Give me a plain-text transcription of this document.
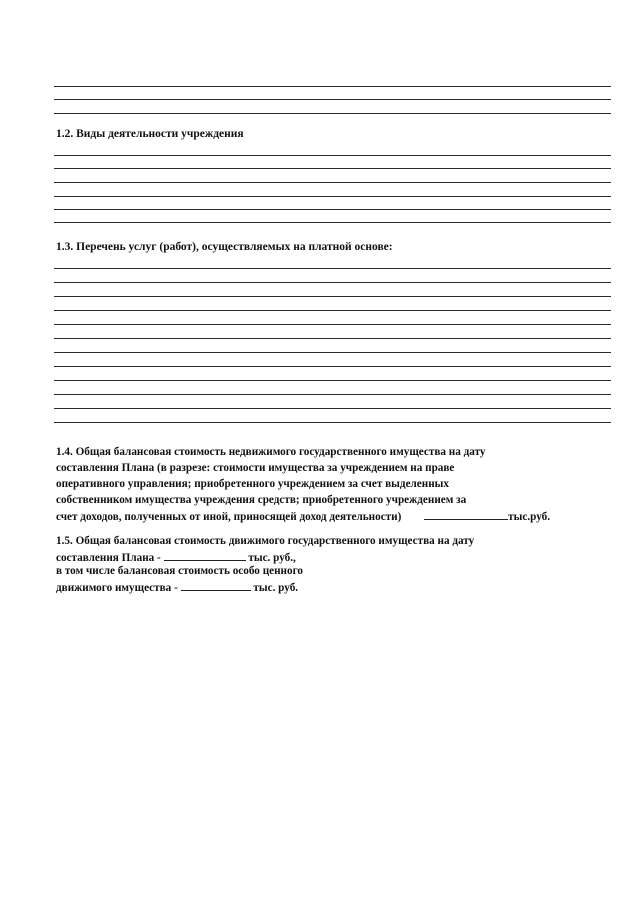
1.2. Виды деятельности учреждения
1.3. Перечень услуг (работ), осуществляемых на платной основе:
1.4. Общая балансовая стоимость недвижимого государственного имущества на дату
составления Плана (в разрезе: стоимости имущества за учреждением на праве
оперативного управления; приобретенного учреждением за счет выделенных
собственником имущества учреждения средств; приобретенного учреждением за
счет доходов, полученных от иной, приносящей доход деятельности)	тыс.руб.
1.5. Общая балансовая стоимость движимого государственного имущества на дату
составления Плана -	тыс. руб.,
в том числе балансовая стоимость особо ценного
движимого имущества -	тыс. руб.
